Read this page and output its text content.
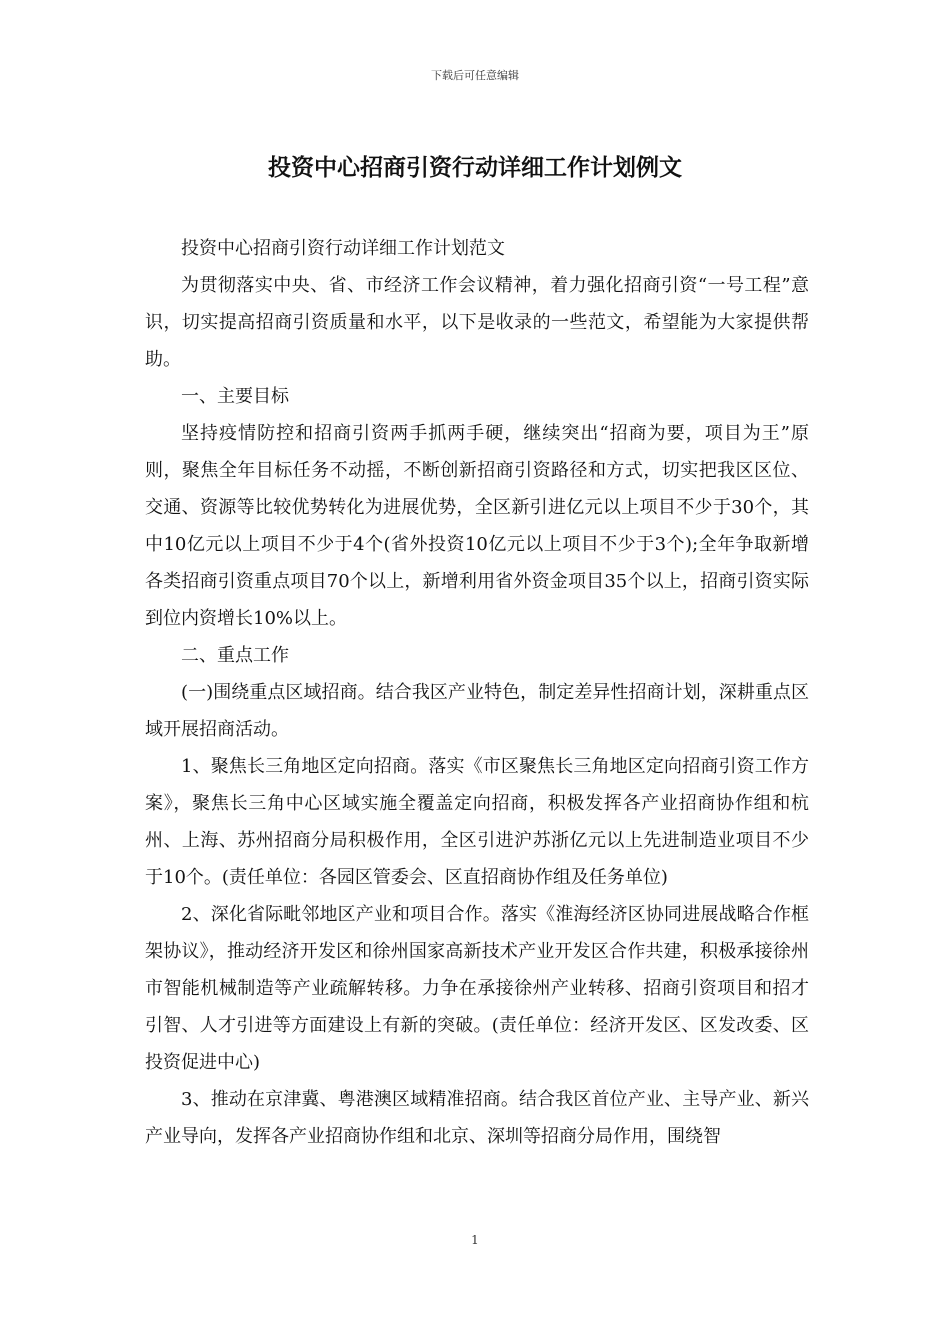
下载后可任意编辑
投资中心招商引资行动详细工作计划例文

投资中心招商引资行动详细工作计划范文

为贯彻落实中央、省、市经济工作会议精神，着力强化招商引资“一号工程”意识，切实提高招商引资质量和水平，以下是收录的一些范文，希望能为大家提供帮助。

一、主要目标

坚持疫情防控和招商引资两手抓两手硬，继续突出“招商为要，项目为王”原则，聚焦全年目标任务不动摇，不断创新招商引资路径和方式，切实把我区区位、交通、资源等比较优势转化为进展优势，全区新引进亿元以上项目不少于30个，其中10亿元以上项目不少于4个(省外投资10亿元以上项目不少于3个);全年争取新增各类招商引资重点项目70个以上，新增利用省外资金项目35个以上，招商引资实际到位内资增长10%以上。

二、重点工作

(一)围绕重点区域招商。结合我区产业特色，制定差异性招商计划，深耕重点区域开展招商活动。

1、聚焦长三角地区定向招商。落实《市区聚焦长三角地区定向招商引资工作方案》，聚焦长三角中心区域实施全覆盖定向招商，积极发挥各产业招商协作组和杭州、上海、苏州招商分局积极作用，全区引进沪苏浙亿元以上先进制造业项目不少于10个。(责任单位：各园区管委会、区直招商协作组及任务单位)

2、深化省际毗邻地区产业和项目合作。落实《淮海经济区协同进展战略合作框架协议》，推动经济开发区和徐州国家高新技术产业开发区合作共建，积极承接徐州市智能机械制造等产业疏解转移。力争在承接徐州产业转移、招商引资项目和招才引智、人才引进等方面建设上有新的突破。(责任单位：经济开发区、区发改委、区投资促进中心)

3、推动在京津冀、粤港澳区域精准招商。结合我区首位产业、主导产业、新兴产业导向，发挥各产业招商协作组和北京、深圳等招商分局作用，围绕智

1
